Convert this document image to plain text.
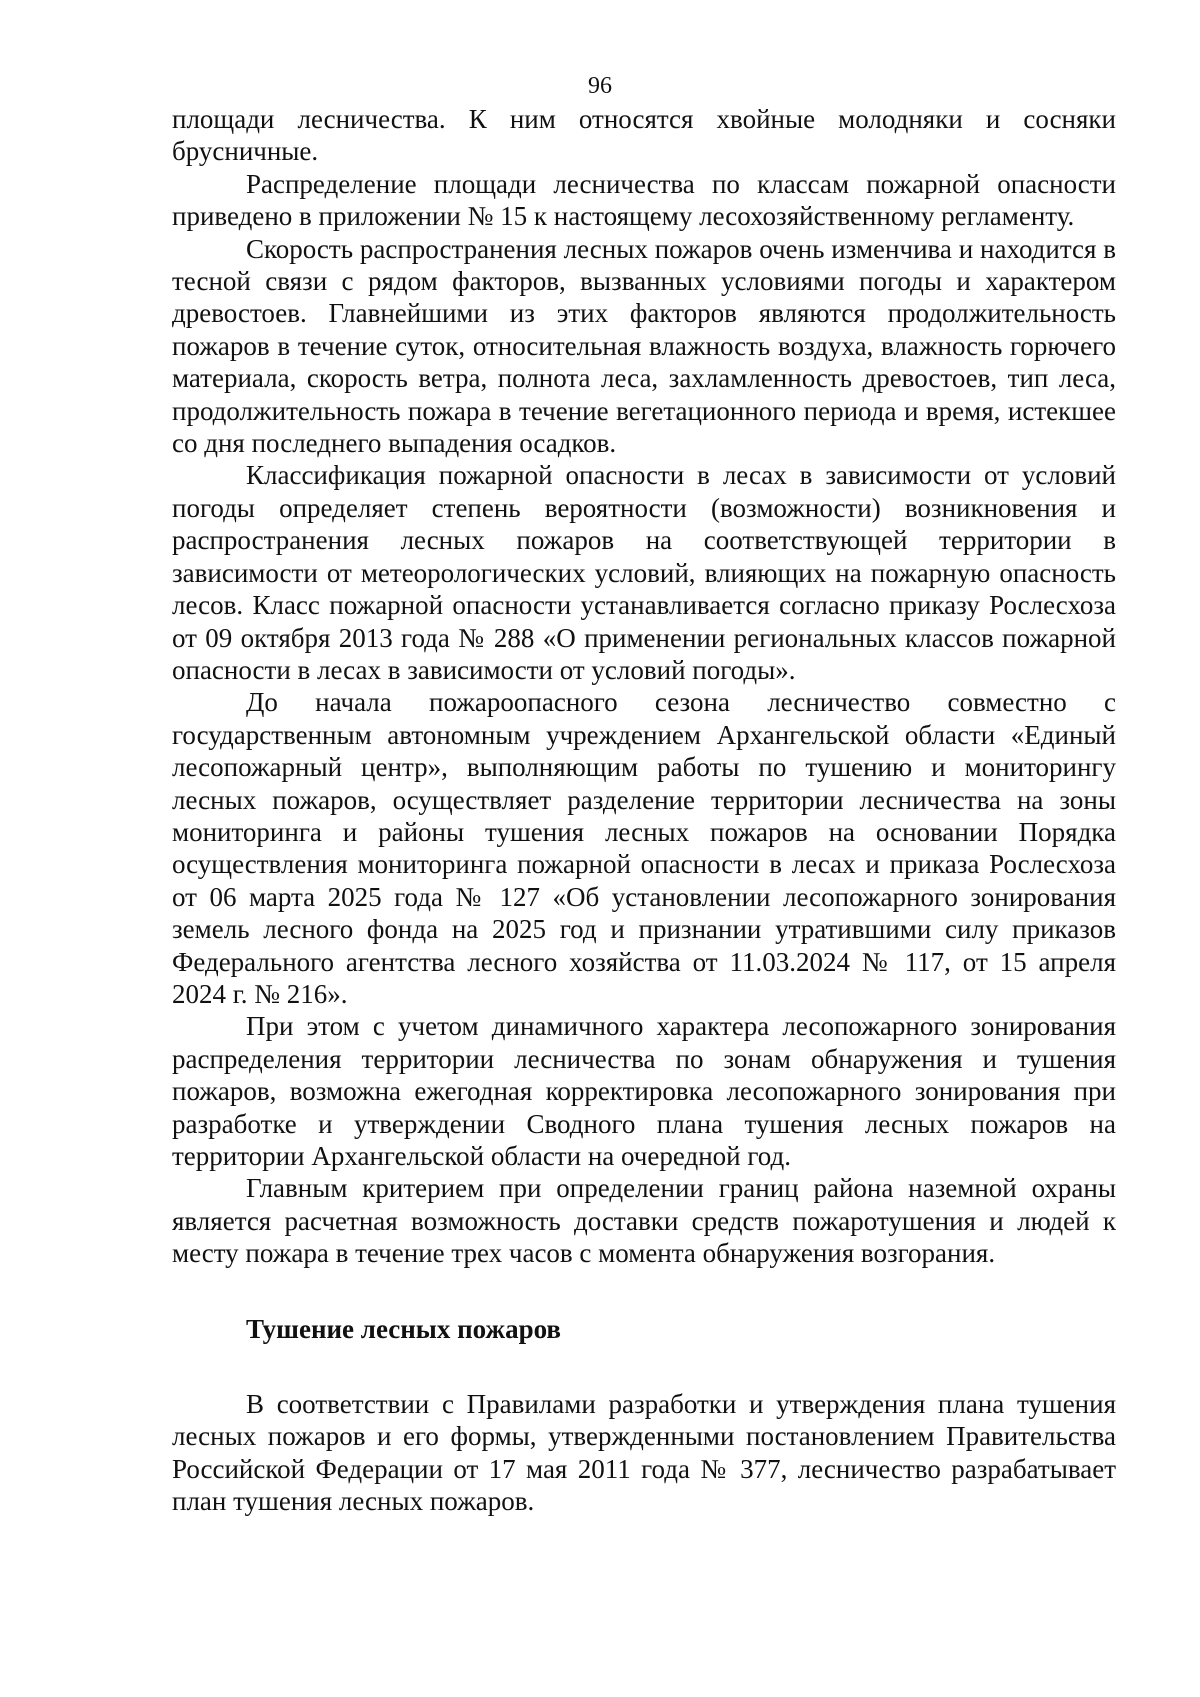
96

площади лесничества. К ним относятся хвойные молодняки и сосняки брусничные.

Распределение площади лесничества по классам пожарной опасности приведено в приложении № 15 к настоящему лесохозяйственному регламенту.

Скорость распространения лесных пожаров очень изменчива и находится в тесной связи с рядом факторов, вызванных условиями погоды и характером древостоев. Главнейшими из этих факторов являются продолжительность пожаров в течение суток, относительная влажность воздуха, влажность горючего материала, скорость ветра, полнота леса, захламленность древостоев, тип леса, продолжительность пожара в течение вегетационного периода и время, истекшее со дня последнего выпадения осадков.

Классификация пожарной опасности в лесах в зависимости от условий погоды определяет степень вероятности (возможности) возникновения и распространения лесных пожаров на соответствующей территории в зависимости от метеорологических условий, влияющих на пожарную опасность лесов. Класс пожарной опасности устанавливается согласно приказу Рослесхоза от 09 октября 2013 года № 288 «О применении региональных классов пожарной опасности в лесах в зависимости от условий погоды».

До начала пожароопасного сезона лесничество совместно с государственным автономным учреждением Архангельской области «Единый лесопожарный центр», выполняющим работы по тушению и мониторингу лесных пожаров, осуществляет разделение территории лесничества на зоны мониторинга и районы тушения лесных пожаров на основании Порядка осуществления мониторинга пожарной опасности в лесах и приказа Рослесхоза от 06 марта 2025 года № 127 «Об установлении лесопожарного зонирования земель лесного фонда на 2025 год и признании утратившими силу приказов Федерального агентства лесного хозяйства от 11.03.2024 № 117, от 15 апреля 2024 г. № 216».

При этом с учетом динамичного характера лесопожарного зонирования распределения территории лесничества по зонам обнаружения и тушения пожаров, возможна ежегодная корректировка лесопожарного зонирования при разработке и утверждении Сводного плана тушения лесных пожаров на территории Архангельской области на очередной год.

Главным критерием при определении границ района наземной охраны является расчетная возможность доставки средств пожаротушения и людей к месту пожара в течение трех часов с момента обнаружения возгорания.

Тушение лесных пожаров

В соответствии с Правилами разработки и утверждения плана тушения лесных пожаров и его формы, утвержденными постановлением Правительства Российской Федерации от 17 мая 2011 года № 377, лесничество разрабатывает план тушения лесных пожаров.
